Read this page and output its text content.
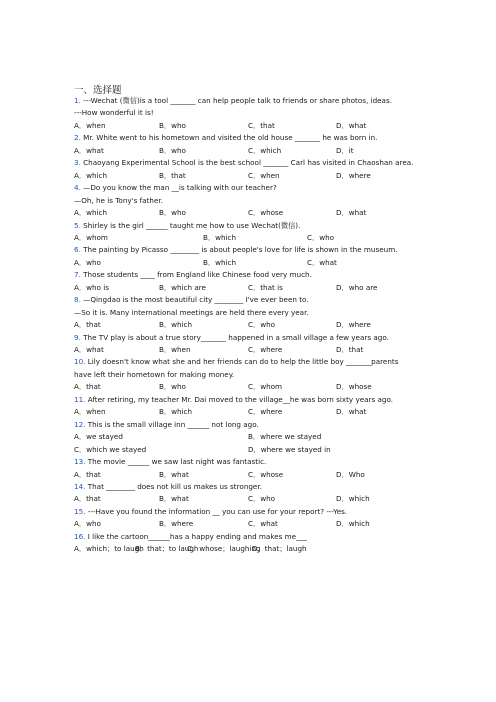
一、选择题
1. ---Wechat (微信)is a tool _______ can help people talk to friends or share photos, ideas.
---How wonderful it is!
A．when	B．who	C．that	D．what
2. Mr. White went to his hometown and visited the old house _______ he was born in.
A．what	B．who	C．which	D．it
3. Chaoyang Experimental School is the best school _______ Carl has visited in Chaoshan area.
A．which	B．that	C．when	D．where
4. —Do you know the man __is talking with our teacher?
—Oh, he is Tony's father.
A．which	B．who	C．whose	D．what
5. Shirley is the girl ______ taught me how to use Wechat(微信).
A．whom	B．which	C．who
6. The painting by Picasso ________ is about people's love for life is shown in the museum.
A．who	B．which	C．what
7. Those students ____ from England like Chinese food very much.
A．who is	B．which are	C．that is	D．who are
8. —Qingdao is the most beautiful city ________ I've ever been to.
—So it is. Many international meetings are held there every year.
A．that	B．which	C．who	D．where
9. The TV play is about a true story_______ happened in a small village a few years ago.
A．what	B．when	C．where	D．that
10. Lily doesn't know what she and her friends can do to help the little boy _______parents
have left their hometown for making money.
A．that	B．who	C．whom	D．whose
11. After retiring, my teacher Mr. Dai moved to the village__he was born sixty years ago.
A．when	B．which	C．where	D．what
12. This is the small village inn ______ not long ago.
A．we stayed	B．where we stayed
C．which we stayed	D．where we stayed in
13. The movie ______ we saw last night was fantastic.
A．that	B．what	C．whose	D．Who
14. That ________ does not kill us makes us stronger.
A．that	B．what	C．who	D．which
15. ---Have you found the information __ you can use for your report? ---Yes.
A．who	B．where	C．what	D．which
16. I like the cartoon______has a happy ending and makes me___
A．which；to laugh
B．that；to laugh
C．whose；laughing
D．that；laugh
